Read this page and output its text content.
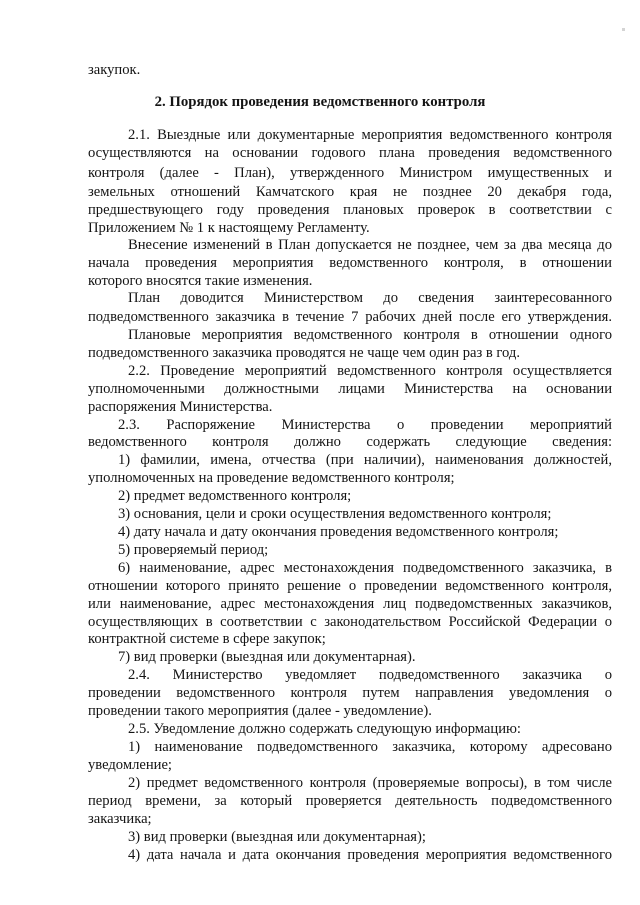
закупок.
2. Порядок проведения ведомственного контроля
2.1. Выездные или документарные мероприятия ведомственного контроля
осуществляются на основании годового плана проведения ведомственного
контроля (далее - План), утвержденного Министром имущественных и
земельных отношений Камчатского края не позднее 20 декабря года,
предшествующего году проведения плановых проверок в соответствии с
Приложением № 1 к настоящему Регламенту.
Внесение изменений в План допускается не позднее, чем за два месяца до
начала проведения мероприятия ведомственного контроля, в отношении
которого вносятся такие изменения.
План доводится Министерством до сведения заинтересованного
подведомственного заказчика в течение 7 рабочих дней после его утверждения.
Плановые мероприятия ведомственного контроля в отношении одного
подведомственного заказчика проводятся не чаще чем один раз в год.
2.2. Проведение мероприятий ведомственного контроля осуществляется
уполномоченными должностными лицами Министерства на основании
распоряжения Министерства.
2.3. Распоряжение Министерства о проведении мероприятий
ведомственного контроля должно содержать следующие сведения:
1) фамилии, имена, отчества (при наличии), наименования должностей,
уполномоченных на проведение ведомственного контроля;
2) предмет ведомственного контроля;
3) основания, цели и сроки осуществления ведомственного контроля;
4) дату начала и дату окончания проведения ведомственного контроля;
5) проверяемый период;
6) наименование, адрес местонахождения подведомственного заказчика, в
отношении которого принято решение о проведении ведомственного контроля,
или наименование, адрес местонахождения лиц подведомственных заказчиков,
осуществляющих в соответствии с законодательством Российской Федерации о
контрактной системе в сфере закупок;
7) вид проверки (выездная или документарная).
2.4. Министерство уведомляет подведомственного заказчика о
проведении ведомственного контроля путем направления уведомления о
проведении такого мероприятия (далее - уведомление).
2.5. Уведомление должно содержать следующую информацию:
1) наименование подведомственного заказчика, которому адресовано
уведомление;
2) предмет ведомственного контроля (проверяемые вопросы), в том числе
период времени, за который проверяется деятельность подведомственного
заказчика;
3) вид проверки (выездная или документарная);
4) дата начала и дата окончания проведения мероприятия ведомственного
